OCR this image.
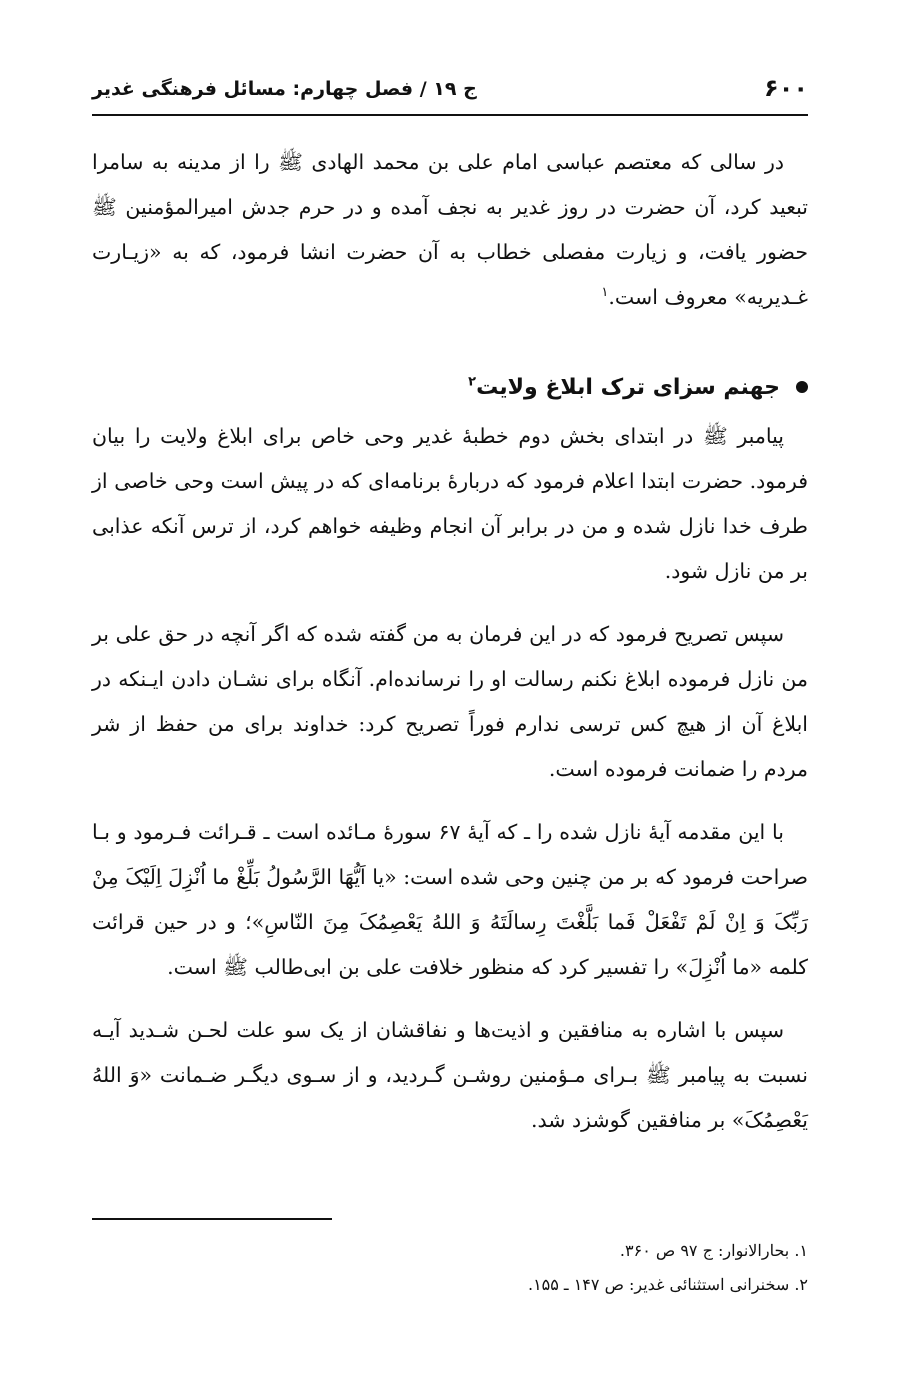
۶۰۰
ج ۱۹ / فصل چهارم: مسائل فرهنگی غدیر

در سالی که معتصم عباسی امام علی بن محمد الهادی ﷺ را از مدینه به سامرا تبعید کرد، آن حضرت در روز غدیر به نجف آمده و در حرم جدش امیرالمؤمنین ﷺ حضور یافت، و زیارت مفصلی خطاب به آن حضرت انشا فرمود، که به «زیـارت غـدیریه» معروف است.$^۱$

جهنم سزای ترک ابلاغ ولایت$^۲$

پیامبر ﷺ در ابتدای بخش دوم خطبهٔ غدیر وحی خاص برای ابلاغ ولایت را بیان فرمود. حضرت ابتدا اعلام فرمود که دربارهٔ برنامه‌ای که در پیش است وحی خاصی از طرف خدا نازل شده و من در برابر آن انجام وظیفه خواهم کرد، از ترس آنکه عذابی بر من نازل شود.

سپس تصریح فرمود که در این فرمان به من گفته شده که اگر آنچه در حق علی بر من نازل فرموده ابلاغ نکنم رسالت او را نرسانده‌ام. آنگاه برای نشـان دادن ایـنکه در ابلاغ آن از هیچ کس ترسی ندارم فوراً تصریح کرد: خداوند برای من حفظ از شر مردم را ضمانت فرموده است.

با این مقدمه آیهٔ نازل شده را ـ که آیهٔ ۶۷ سورهٔ مـائده است ـ قـرائت فـرمود و بـا صراحت فرمود که بر من چنین وحی شده است: «یا اَیُّهَا الرَّسُولُ بَلِّغْ ما اُنْزِلَ اِلَیْکَ مِنْ رَبِّکَ وَ اِنْ لَمْ تَفْعَلْ فَما بَلَّغْتَ رِسالَتَهُ وَ اللهُ یَعْصِمُکَ مِنَ النّاسِ»؛ و در حین قرائت کلمه «ما اُنْزِلَ» را تفسیر کرد که منظور خلافت علی بن ابی‌طالب ﷺ است.

سپس با اشاره به منافقین و اذیت‌ها و نفاقشان از یک سو علت لحـن شـدید آیـه نسبت به پیامبر ﷺ بـرای مـؤمنین روشـن گـردید، و از سـوی دیگـر ضـمانت «وَ اللهُ یَعْصِمُکَ» بر منافقین گوشزد شد.

۱. بحارالانوار: ج ۹۷ ص ۳۶۰.

۲. سخنرانی استثنائی غدیر: ص ۱۴۷ ـ ۱۵۵.
